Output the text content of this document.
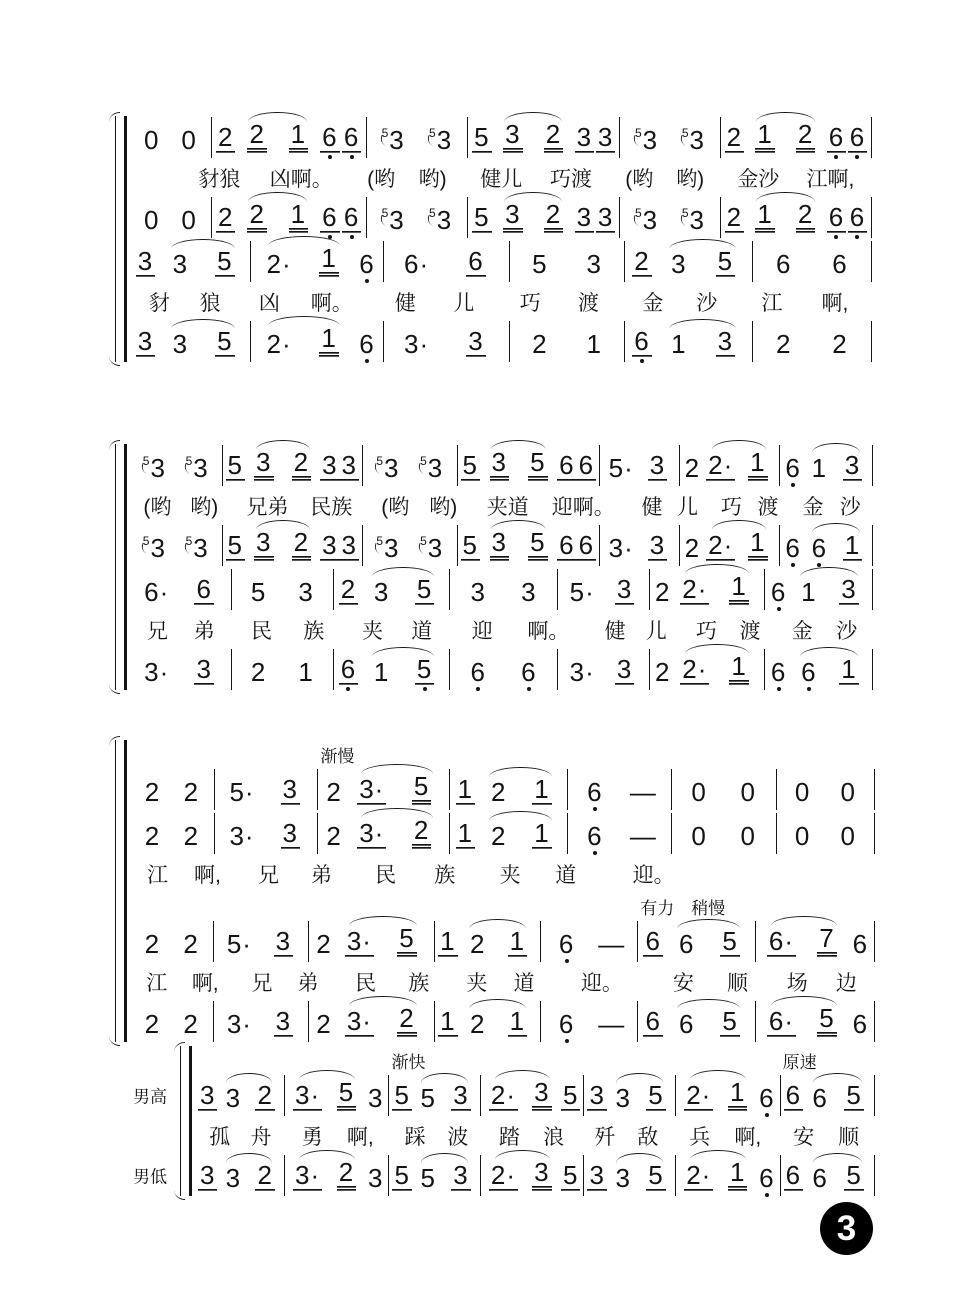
0 0 2 2 1 6 6 53 53 5 3 2 3 3 53 53 2 1 2 6 6
豺狼 凶啊。 (哟 哟) 健儿 巧渡 (哟 哟) 金沙 江啊,
0 0 2 2 1 6 6 53 53 5 3 2 3 3 53 53 2 1 2 6 6
3 3 5 2· 1 6 6· 6 5 3 2 3 5 6 6
豺 狼 凶 啊。 健 儿 巧 渡 金 沙 江 啊,
3 3 5 2· 1 6 3· 3 2 1 6 1 3 2 2
53 53 5 3 2 3 3 53 53 5 3 5 6 6 5· 3 2 2· 1 6 1 3
(哟 哟) 兄弟 民族 (哟 哟) 夹道 迎啊。 健 儿 巧 渡 金 沙
53 53 5 3 2 3 3 53 53 5 3 5 6 6 3· 3 2 2· 1 6 6 1
6· 6 5 3 2 3 5 3 3 5· 3 2 2· 1 6 1 3
兄 弟 民 族 夹 道 迎 啊。 健 儿 巧 渡 金 沙
3· 3 2 1 6 1 5 6 6 3· 3 2 2· 1 6 6 1
2 2 5· 3
渐慢
2 3· 5 1 2 1 6 — 0 0 0 0
2 2 3· 3 2 3· 2 1 2 1 6 — 0 0 0 0
江 啊, 兄 弟 民 族 夹 道	迎。
2 2 5· 3 2 3· 5 1 2 1 6 —
有力　稍慢
6 6 5 6· 7 6
江 啊, 兄 弟 民 族 夹 道 迎。 安 顺 场 边
2 2 3· 3 2 3· 2 1 2 1 6 — 6 6 5 6· 5 6
男高	3 3 2 3· 5 3
渐快
5 5 3 2· 3 5 3 3 5 2· 1 6
原速
6 6 5
孤 舟 勇 啊, 踩 波 踏 浪 歼 敌 兵 啊, 安 顺
男低	3 3 2 3· 2 3 5 5 3 2· 3 5 3 3 5 2· 1 6 6 6 5
3
